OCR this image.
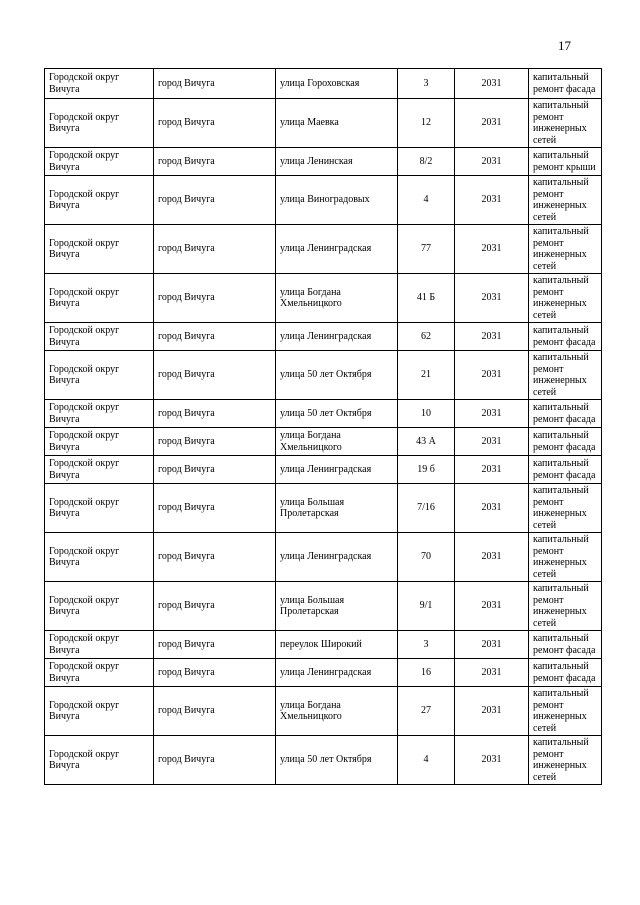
17
Городской округ Вичуга	город Вичуга	улица Гороховская	3	2031	капитальный ремонт фасада
Городской округ Вичуга	город Вичуга	улица Маевка	12	2031	капитальный ремонт инженерных сетей
Городской округ Вичуга	город Вичуга	улица Ленинская	8/2	2031	капитальный ремонт крыши
Городской округ Вичуга	город Вичуга	улица Виноградовых	4	2031	капитальный ремонт инженерных сетей
Городской округ Вичуга	город Вичуга	улица Ленинградская	77	2031	капитальный ремонт инженерных сетей
Городской округ Вичуга	город Вичуга	улица Богдана Хмельницкого	41 Б	2031	капитальный ремонт инженерных сетей
Городской округ Вичуга	город Вичуга	улица Ленинградская	62	2031	капитальный ремонт фасада
Городской округ Вичуга	город Вичуга	улица 50 лет Октября	21	2031	капитальный ремонт инженерных сетей
Городской округ Вичуга	город Вичуга	улица 50 лет Октября	10	2031	капитальный ремонт фасада
Городской округ Вичуга	город Вичуга	улица Богдана Хмельницкого	43 А	2031	капитальный ремонт фасада
Городской округ Вичуга	город Вичуга	улица Ленинградская	19 б	2031	капитальный ремонт фасада
Городской округ Вичуга	город Вичуга	улица Большая Пролетарская	7/16	2031	капитальный ремонт инженерных сетей
Городской округ Вичуга	город Вичуга	улица Ленинградская	70	2031	капитальный ремонт инженерных сетей
Городской округ Вичуга	город Вичуга	улица Большая Пролетарская	9/1	2031	капитальный ремонт инженерных сетей
Городской округ Вичуга	город Вичуга	переулок Широкий	3	2031	капитальный ремонт фасада
Городской округ Вичуга	город Вичуга	улица Ленинградская	16	2031	капитальный ремонт фасада
Городской округ Вичуга	город Вичуга	улица Богдана Хмельницкого	27	2031	капитальный ремонт инженерных сетей
Городской округ Вичуга	город Вичуга	улица 50 лет Октября	4	2031	капитальный ремонт инженерных сетей
